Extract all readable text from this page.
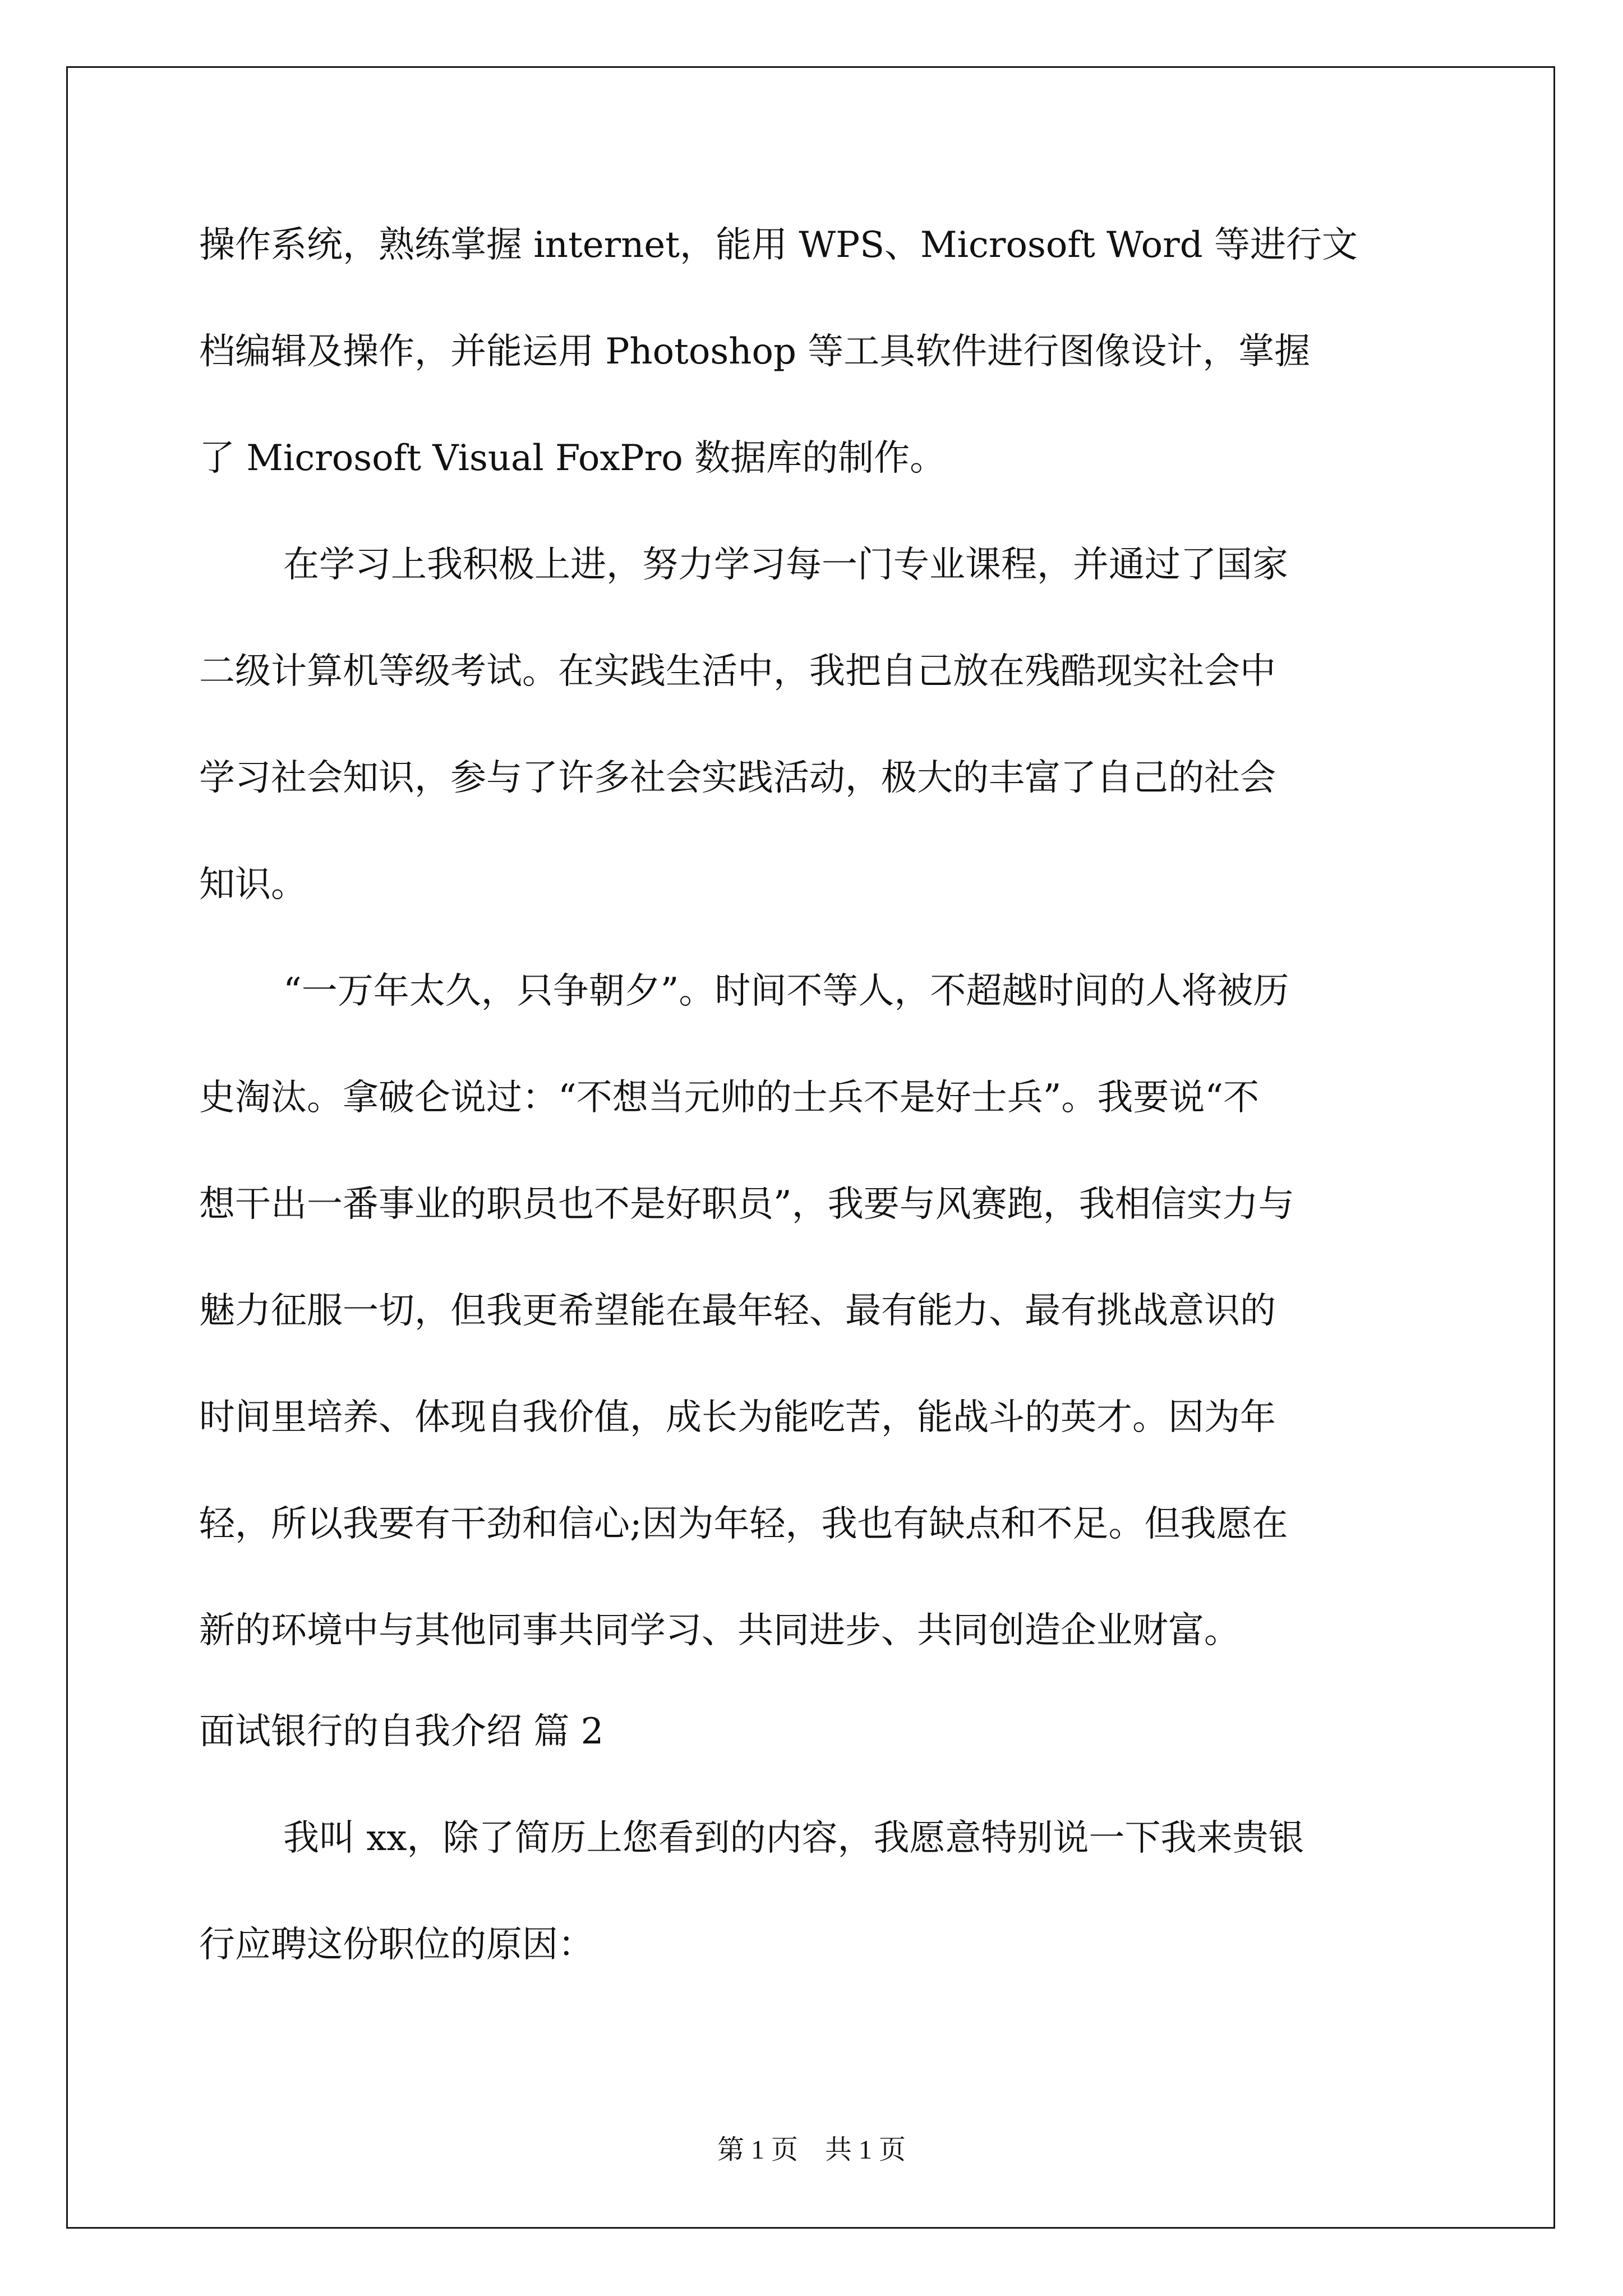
操作系统，熟练掌握 internet，能用 WPS、Microsoft Word 等进行文
档编辑及操作，并能运用 Photoshop 等工具软件进行图像设计，掌握
了 Microsoft Visual FoxPro 数据库的制作。
在学习上我积极上进，努力学习每一门专业课程，并通过了国家
二级计算机等级考试。在实践生活中，我把自己放在残酷现实社会中
学习社会知识，参与了许多社会实践活动，极大的丰富了自己的社会
知识。
“一万年太久，只争朝夕”。时间不等人，不超越时间的人将被历
史淘汰。拿破仑说过：“不想当元帅的士兵不是好士兵”。我要说“不
想干出一番事业的职员也不是好职员”，我要与风赛跑，我相信实力与
魅力征服一切，但我更希望能在最年轻、最有能力、最有挑战意识的
时间里培养、体现自我价值，成长为能吃苦，能战斗的英才。因为年
轻，所以我要有干劲和信心;因为年轻，我也有缺点和不足。但我愿在
新的环境中与其他同事共同学习、共同进步、共同创造企业财富。
面试银行的自我介绍 篇 2
我叫 xx，除了简历上您看到的内容，我愿意特别说一下我来贵银
行应聘这份职位的原因：
第 1 页　共 1 页
